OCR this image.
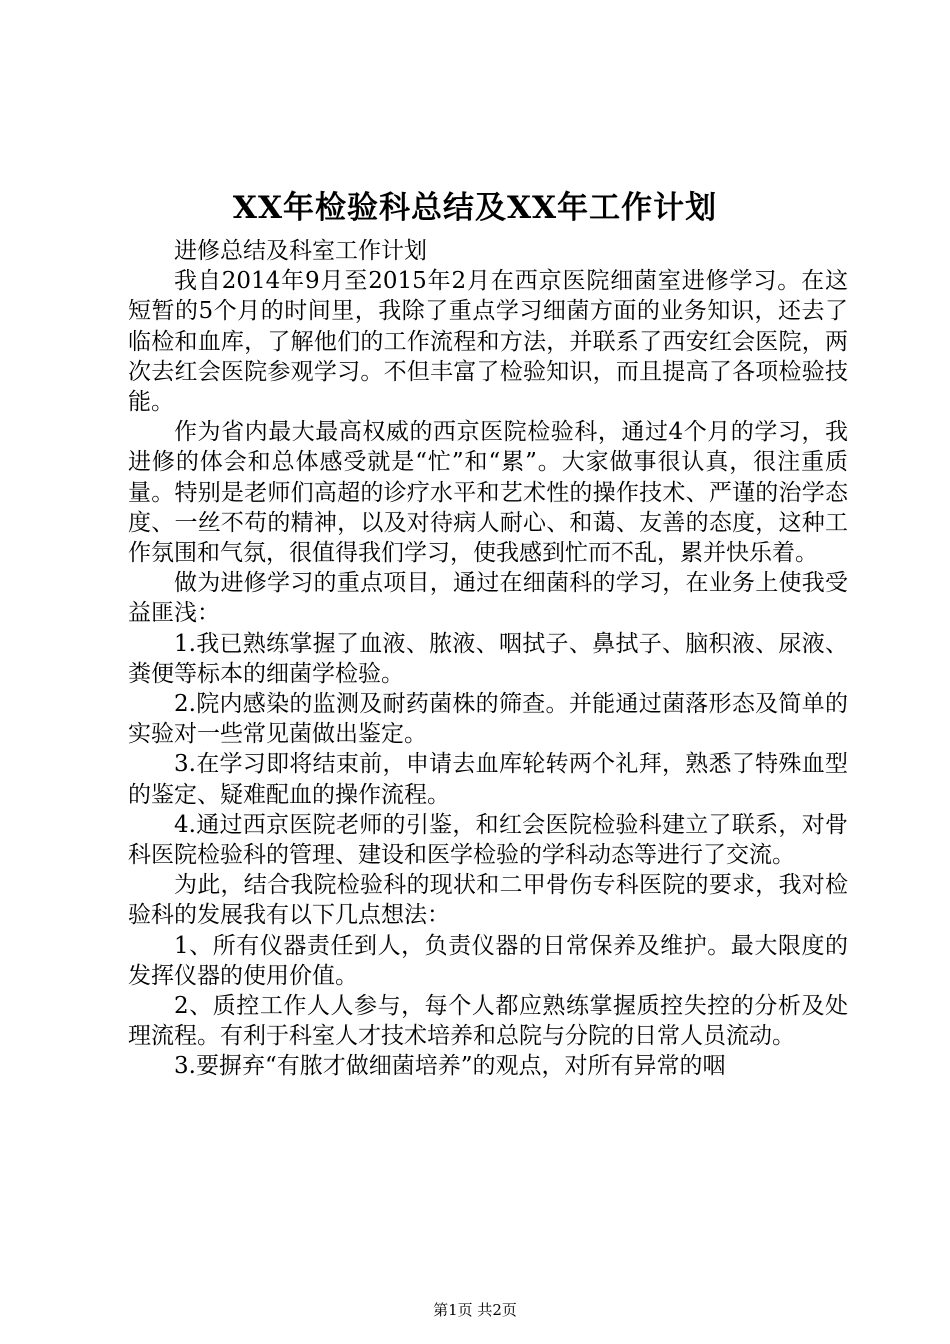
XX年检验科总结及XX年工作计划

进修总结及科室工作计划

我自2014年9月至2015年2月在西京医院细菌室进修学习。在这短暂的5个月的时间里，我除了重点学习细菌方面的业务知识，还去了临检和血库，了解他们的工作流程和方法，并联系了西安红会医院，两次去红会医院参观学习。不但丰富了检验知识，而且提高了各项检验技能。

作为省内最大最高权威的西京医院检验科，通过4个月的学习，我进修的体会和总体感受就是“忙”和“累”。大家做事很认真，很注重质量。特别是老师们高超的诊疗水平和艺术性的操作技术、严谨的治学态度、一丝不苟的精神，以及对待病人耐心、和蔼、友善的态度，这种工作氛围和气氛，很值得我们学习，使我感到忙而不乱，累并快乐着。

做为进修学习的重点项目，通过在细菌科的学习，在业务上使我受益匪浅：

1.我已熟练掌握了血液、脓液、咽拭子、鼻拭子、脑积液、尿液、粪便等标本的细菌学检验。

2.院内感染的监测及耐药菌株的筛查。并能通过菌落形态及简单的实验对一些常见菌做出鉴定。

3.在学习即将结束前，申请去血库轮转两个礼拜，熟悉了特殊血型的鉴定、疑难配血的操作流程。

4.通过西京医院老师的引鉴，和红会医院检验科建立了联系，对骨科医院检验科的管理、建设和医学检验的学科动态等进行了交流。

为此，结合我院检验科的现状和二甲骨伤专科医院的要求，我对检验科的发展我有以下几点想法：

1、所有仪器责任到人，负责仪器的日常保养及维护。最大限度的发挥仪器的使用价值。

2、质控工作人人参与，每个人都应熟练掌握质控失控的分析及处理流程。有利于科室人才技术培养和总院与分院的日常人员流动。

3.要摒弃“有脓才做细菌培养”的观点，对所有异常的咽

第1页 共2页
